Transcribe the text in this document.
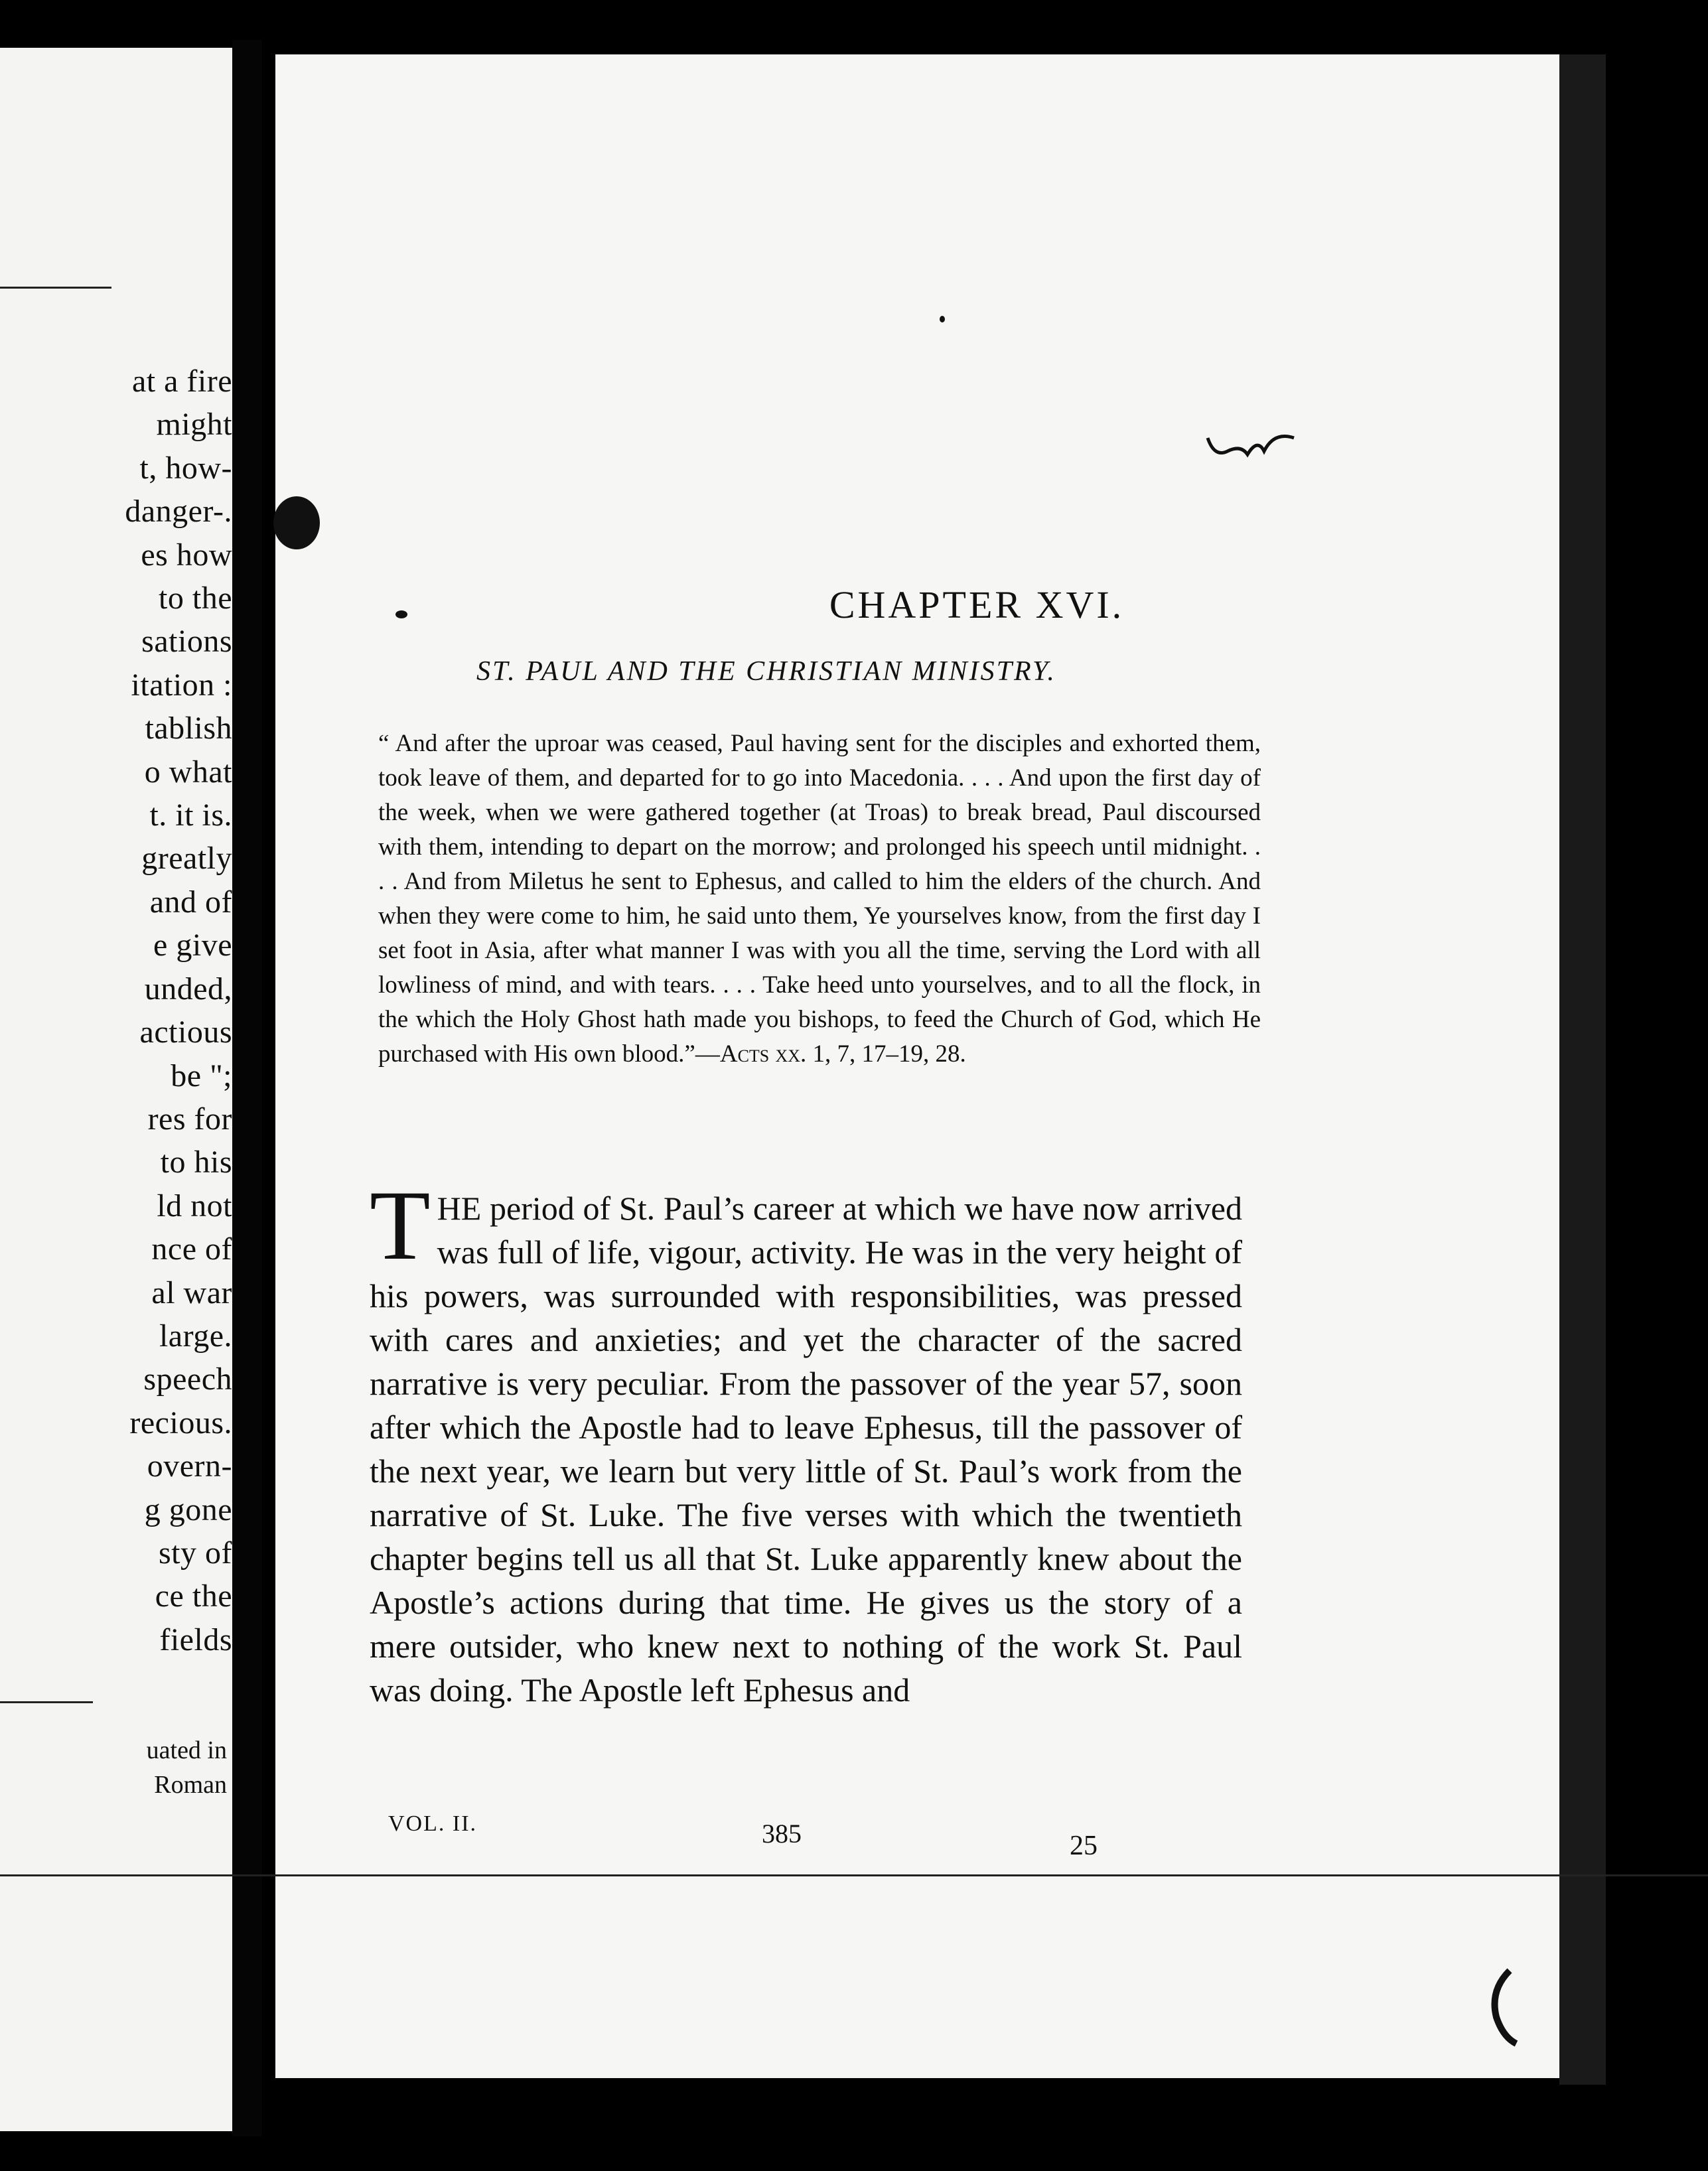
at a fire
might
t, how-
danger-.
es how
to the
sations
itation :
tablish
o what
t. it is.
greatly
and of
e give
unded,
actious
be ";
res for
to his
ld not
nce of
al war
large.
speech
recious.
overn-
g gone
sty of
ce the
fields
uated in
Roman
CHAPTER XVI.
ST. PAUL AND THE CHRISTIAN MINISTRY.
“ And after the uproar was ceased, Paul having sent for the disciples and exhorted them, took leave of them, and departed for to go into Macedonia. . . . And upon the first day of the week, when we were gathered together (at Troas) to break bread, Paul discoursed with them, intending to depart on the morrow; and prolonged his speech until midnight. . . . And from Miletus he sent to Ephesus, and called to him the elders of the church. And when they were come to him, he said unto them, Ye yourselves know, from the first day I set foot in Asia, after what manner I was with you all the time, serving the Lord with all lowliness of mind, and with tears. . . . Take heed unto yourselves, and to all the flock, in the which the Holy Ghost hath made you bishops, to feed the Church of God, which He purchased with His own blood.”—Acts xx. 1, 7, 17–19, 28.
THE period of St. Paul’s career at which we have now arrived was full of life, vigour, activity. He was in the very height of his powers, was surrounded with responsibilities, was pressed with cares and anxieties; and yet the character of the sacred narrative is very peculiar. From the passover of the year 57, soon after which the Apostle had to leave Ephesus, till the passover of the next year, we learn but very little of St. Paul’s work from the narrative of St. Luke. The five verses with which the twentieth chapter begins tell us all that St. Luke apparently knew about the Apostle’s actions during that time. He gives us the story of a mere outsider, who knew next to nothing of the work St. Paul was doing. The Apostle left Ephesus and
VOL. II.	385	25
